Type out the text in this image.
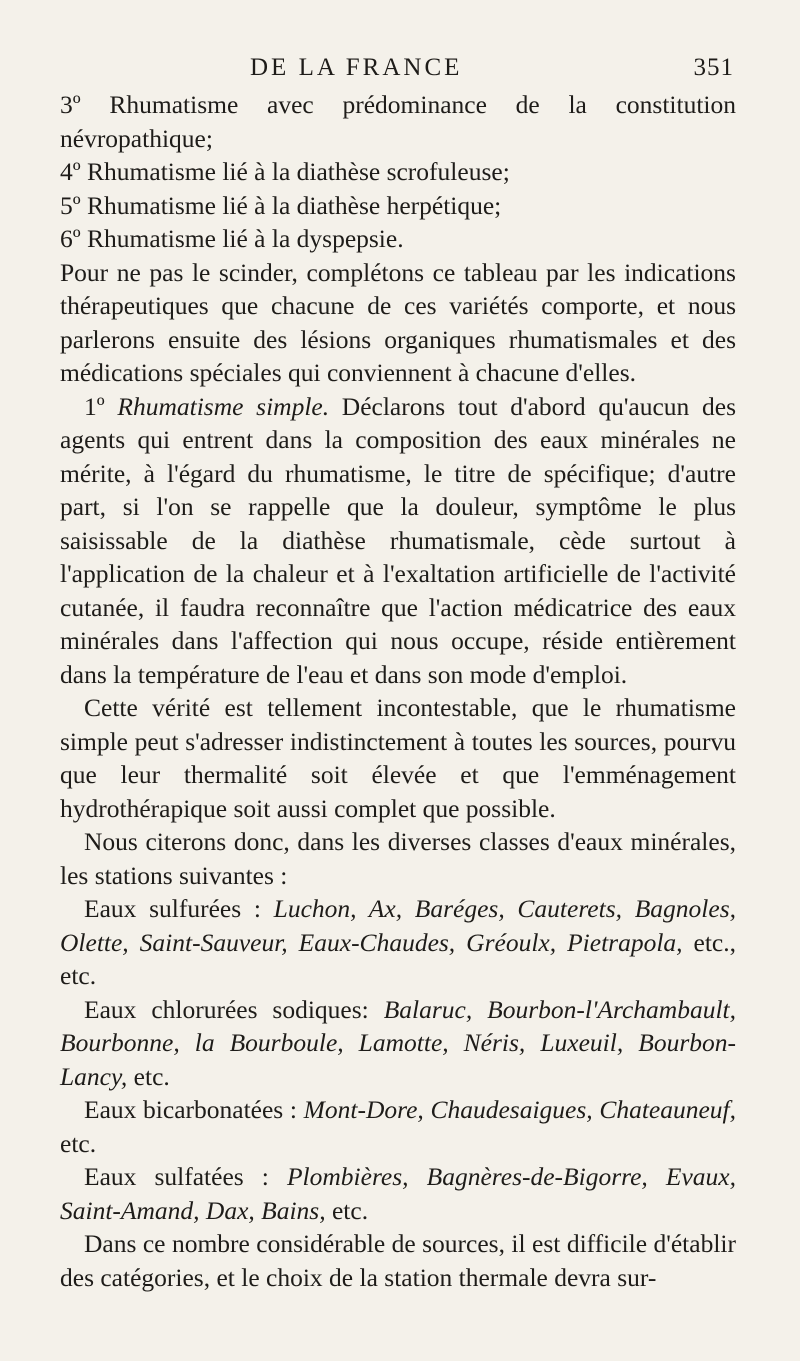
DE LA FRANCE	351

3º Rhumatisme avec prédominance de la constitution névropathique;

4º Rhumatisme lié à la diathèse scrofuleuse;

5º Rhumatisme lié à la diathèse herpétique;

6º Rhumatisme lié à la dyspepsie.

Pour ne pas le scinder, complétons ce tableau par les indications thérapeutiques que chacune de ces variétés comporte, et nous parlerons ensuite des lésions organiques rhumatismales et des médications spéciales qui conviennent à chacune d'elles.

1º Rhumatisme simple. Déclarons tout d'abord qu'aucun des agents qui entrent dans la composition des eaux minérales ne mérite, à l'égard du rhumatisme, le titre de spécifique; d'autre part, si l'on se rappelle que la douleur, symptôme le plus saisissable de la diathèse rhumatismale, cède surtout à l'application de la chaleur et à l'exaltation artificielle de l'activité cutanée, il faudra reconnaître que l'action médicatrice des eaux minérales dans l'affection qui nous occupe, réside entièrement dans la température de l'eau et dans son mode d'emploi.

Cette vérité est tellement incontestable, que le rhumatisme simple peut s'adresser indistinctement à toutes les sources, pourvu que leur thermalité soit élevée et que l'emménagement hydrothérapique soit aussi complet que possible.

Nous citerons donc, dans les diverses classes d'eaux minérales, les stations suivantes :

Eaux sulfurées : Luchon, Ax, Baréges, Cauterets, Bagnoles, Olette, Saint-Sauveur, Eaux-Chaudes, Gréoulx, Pietrapola, etc., etc.

Eaux chlorurées sodiques: Balaruc, Bourbon-l'Archambault, Bourbonne, la Bourboule, Lamotte, Néris, Luxeuil, Bourbon-Lancy, etc.

Eaux bicarbonatées : Mont-Dore, Chaudesaigues, Chateauneuf, etc.

Eaux sulfatées : Plombières, Bagnères-de-Bigorre, Evaux, Saint-Amand, Dax, Bains, etc.

Dans ce nombre considérable de sources, il est difficile d'établir des catégories, et le choix de la station thermale devra sur-
